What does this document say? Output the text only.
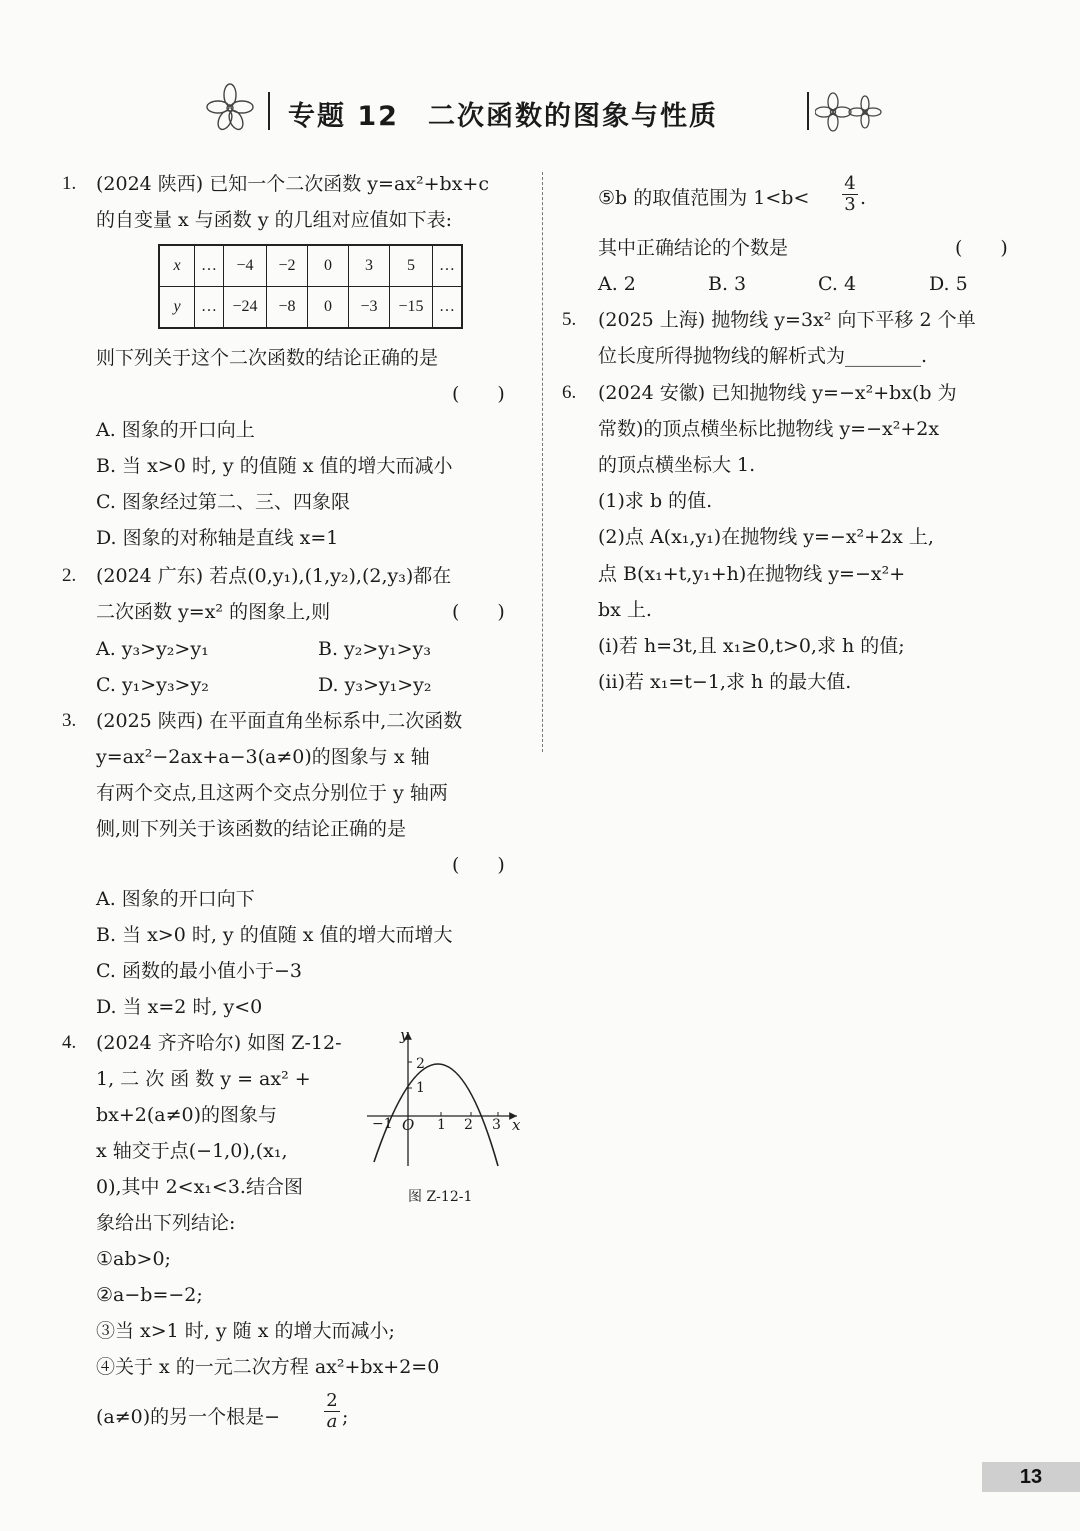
专题 12　二次函数的图象与性质
1. (2024 陕西) 已知一个二次函数 y=ax²+bx+c
的自变量 x 与函数 y 的几组对应值如下表:
x	…	−4	−2	0	3	5	…
y	…	−24	−8	0	−3	−15	…
则下列关于这个二次函数的结论正确的是
(　　)
A. 图象的开口向上
B. 当 x>0 时, y 的值随 x 值的增大而减小
C. 图象经过第二、三、四象限
D. 图象的对称轴是直线 x=1
2. (2024 广东) 若点(0,y₁),(1,y₂),(2,y₃)都在
二次函数 y=x² 的图象上,则	(　　)
A. y₃>y₂>y₁	B. y₂>y₁>y₃
C. y₁>y₃>y₂	D. y₃>y₁>y₂
3. (2025 陕西) 在平面直角坐标系中,二次函数
y=ax²−2ax+a−3(a≠0)的图象与 x 轴
有两个交点,且这两个交点分别位于 y 轴两
侧,则下列关于该函数的结论正确的是
(　　)
A. 图象的开口向下
B. 当 x>0 时, y 的值随 x 值的增大而增大
C. 函数的最小值小于−3
D. 当 x=2 时, y<0
4. (2024 齐齐哈尔) 如图 Z-12-
1, 二 次 函 数 y = ax² +
bx+2(a≠0)的图象与
x 轴交于点(−1,0),(x₁,
0),其中 2<x₁<3.结合图
象给出下列结论:
①ab>0;
②a−b=−2;
③当 x>1 时, y 随 x 的增大而减小;
④关于 x 的一元二次方程 ax²+bx+2=0
(a≠0)的另一个根是− $\frac{2}{a}$ ;
y
x
O
−1	1 2 3
1
2
图 Z-12-1
⑤b 的取值范围为 $1<b< \frac{4}{3}$ .
其中正确结论的个数是	(　　)
A. 2	B. 3	C. 4	D. 5
5. (2025 上海) 抛物线 y=3x² 向下平移 2 个单
位长度所得抛物线的解析式为________.
6. (2024 安徽) 已知抛物线 y=−x²+bx(b 为
常数)的顶点横坐标比抛物线 y=−x²+2x
的顶点横坐标大 1.
(1)求 b 的值.
(2)点 A(x₁,y₁)在抛物线 y=−x²+2x 上,
点 B(x₁+t,y₁+h)在抛物线 y=−x²+
bx 上.
(i)若 h=3t,且 x₁≥0,t>0,求 h 的值;
(ii)若 x₁=t−1,求 h 的最大值.
13
